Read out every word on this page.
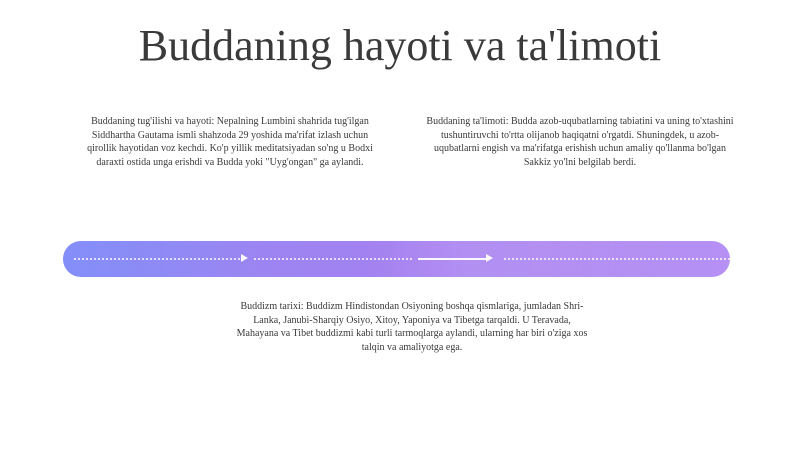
Buddaning hayoti va ta'limoti
Buddaning tug'ilishi va hayoti: Nepalning Lumbini shahrida tug'ilgan Siddhartha Gautama ismli shahzoda 29 yoshida ma'rifat izlash uchun qirollik hayotidan voz kechdi. Ko'p yillik meditatsiyadan so'ng u Bodxi daraxti ostida unga erishdi va Budda yoki "Uyg'ongan" ga aylandi.
Buddaning ta'limoti: Budda azob-uqubatlarning tabiatini va uning to'xtashini tushuntiruvchi to'rtta olijanob haqiqatni o'rgatdi. Shuningdek, u azob-uqubatlarni engish va ma'rifatga erishish uchun amaliy qo'llanma bo'lgan Sakkiz yo'lni belgilab berdi.
Buddizm tarixi: Buddizm Hindistondan Osiyoning boshqa qismlariga, jumladan Shri-Lanka, Janubi-Sharqiy Osiyo, Xitoy, Yaponiya va Tibetga tarqaldi. U Teravada, Mahayana va Tibet buddizmi kabi turli tarmoqlarga aylandi, ularning har biri o'ziga xos talqin va amaliyotga ega.
